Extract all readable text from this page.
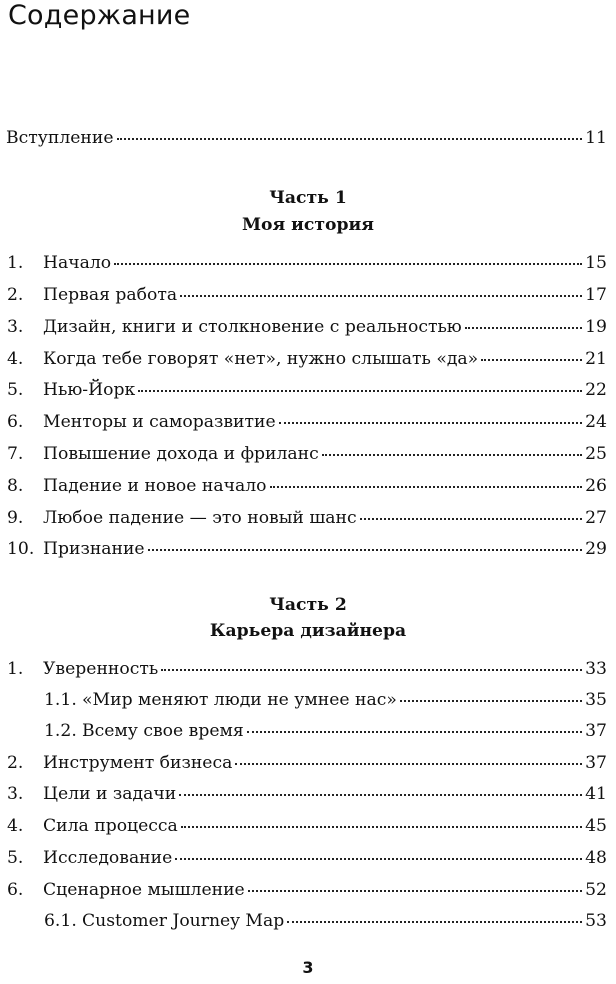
Содержание
Вступление	11
Часть 1
Моя история
1.	Начало	15
2.	Первая работа	17
3.	Дизайн, книги и столкновение с реальностью	19
4.	Когда тебе говорят «нет», нужно слышать «да»	21
5.	Нью-Йорк	22
6.	Менторы и саморазвитие	24
7.	Повышение дохода и фриланс	25
8.	Падение и новое начало	26
9.	Любое падение — это новый шанс	27
10. Признание	29
Часть 2
Карьера дизайнера
1.	Уверенность	33
1.1. «Мир меняют люди не умнее нас»	35
1.2. Всему свое время	37
2.	Инструмент бизнеса	37
3.	Цели и задачи	41
4.	Сила процесса	45
5.	Исследование	48
6.	Сценарное мышление	52
6.1. Customer Journey Map	53
3
